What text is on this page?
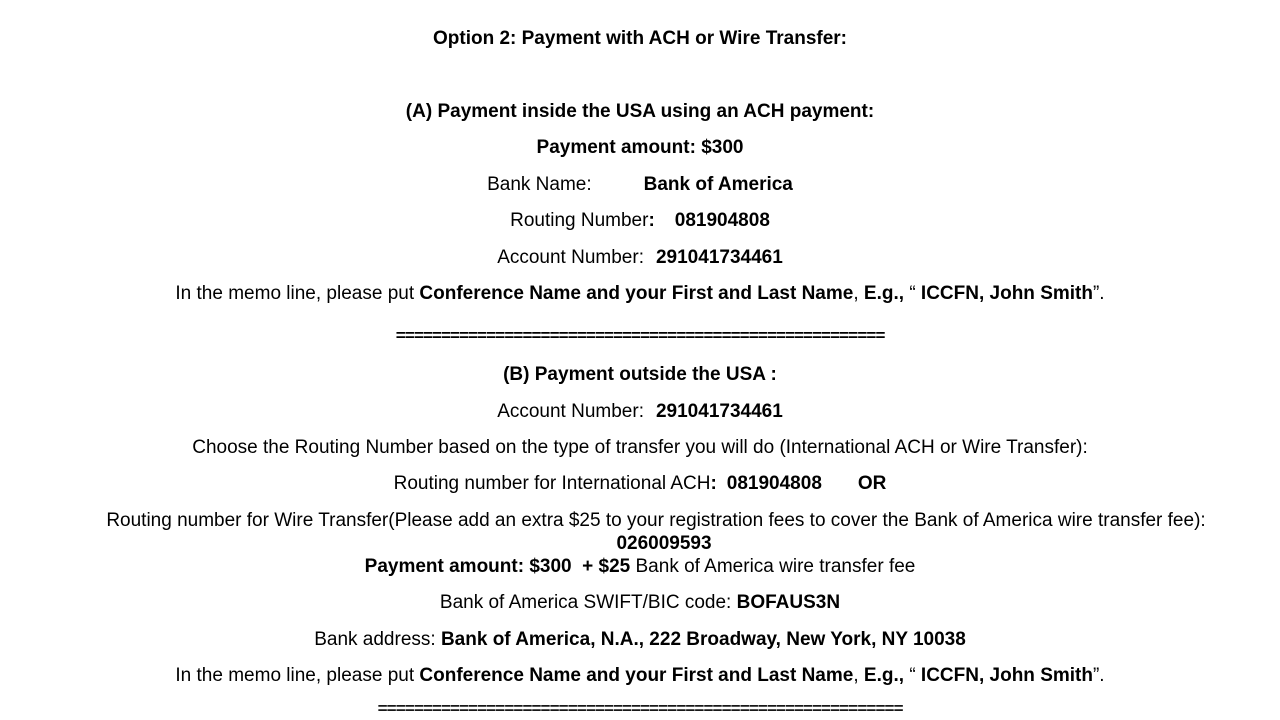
Option 2: Payment with ACH or Wire Transfer:
(A) Payment inside the USA using an ACH payment:
Payment amount: $300
Bank Name:	Bank of America
Routing Number: 081904808
Account Number: 291041734461
In the memo line, please put Conference Name and your First and Last Name, E.g., “ ICCFN, John Smith”.
======================================================
(B) Payment outside the USA :
Account Number: 291041734461
Choose the Routing Number based on the type of transfer you will do (International ACH or Wire Transfer):
Routing number for International ACH: 081904808 OR
Routing number for Wire Transfer(Please add an extra $25 to your registration fees to cover the Bank of America wire transfer fee):026009593
Payment amount: $300  + $25 Bank of America wire transfer fee
Bank of America SWIFT/BIC code: BOFAUS3N
Bank address: Bank of America, N.A., 222 Broadway, New York, NY 10038
In the memo line, please put Conference Name and your First and Last Name, E.g., “ ICCFN, John Smith”.
==========================================================
